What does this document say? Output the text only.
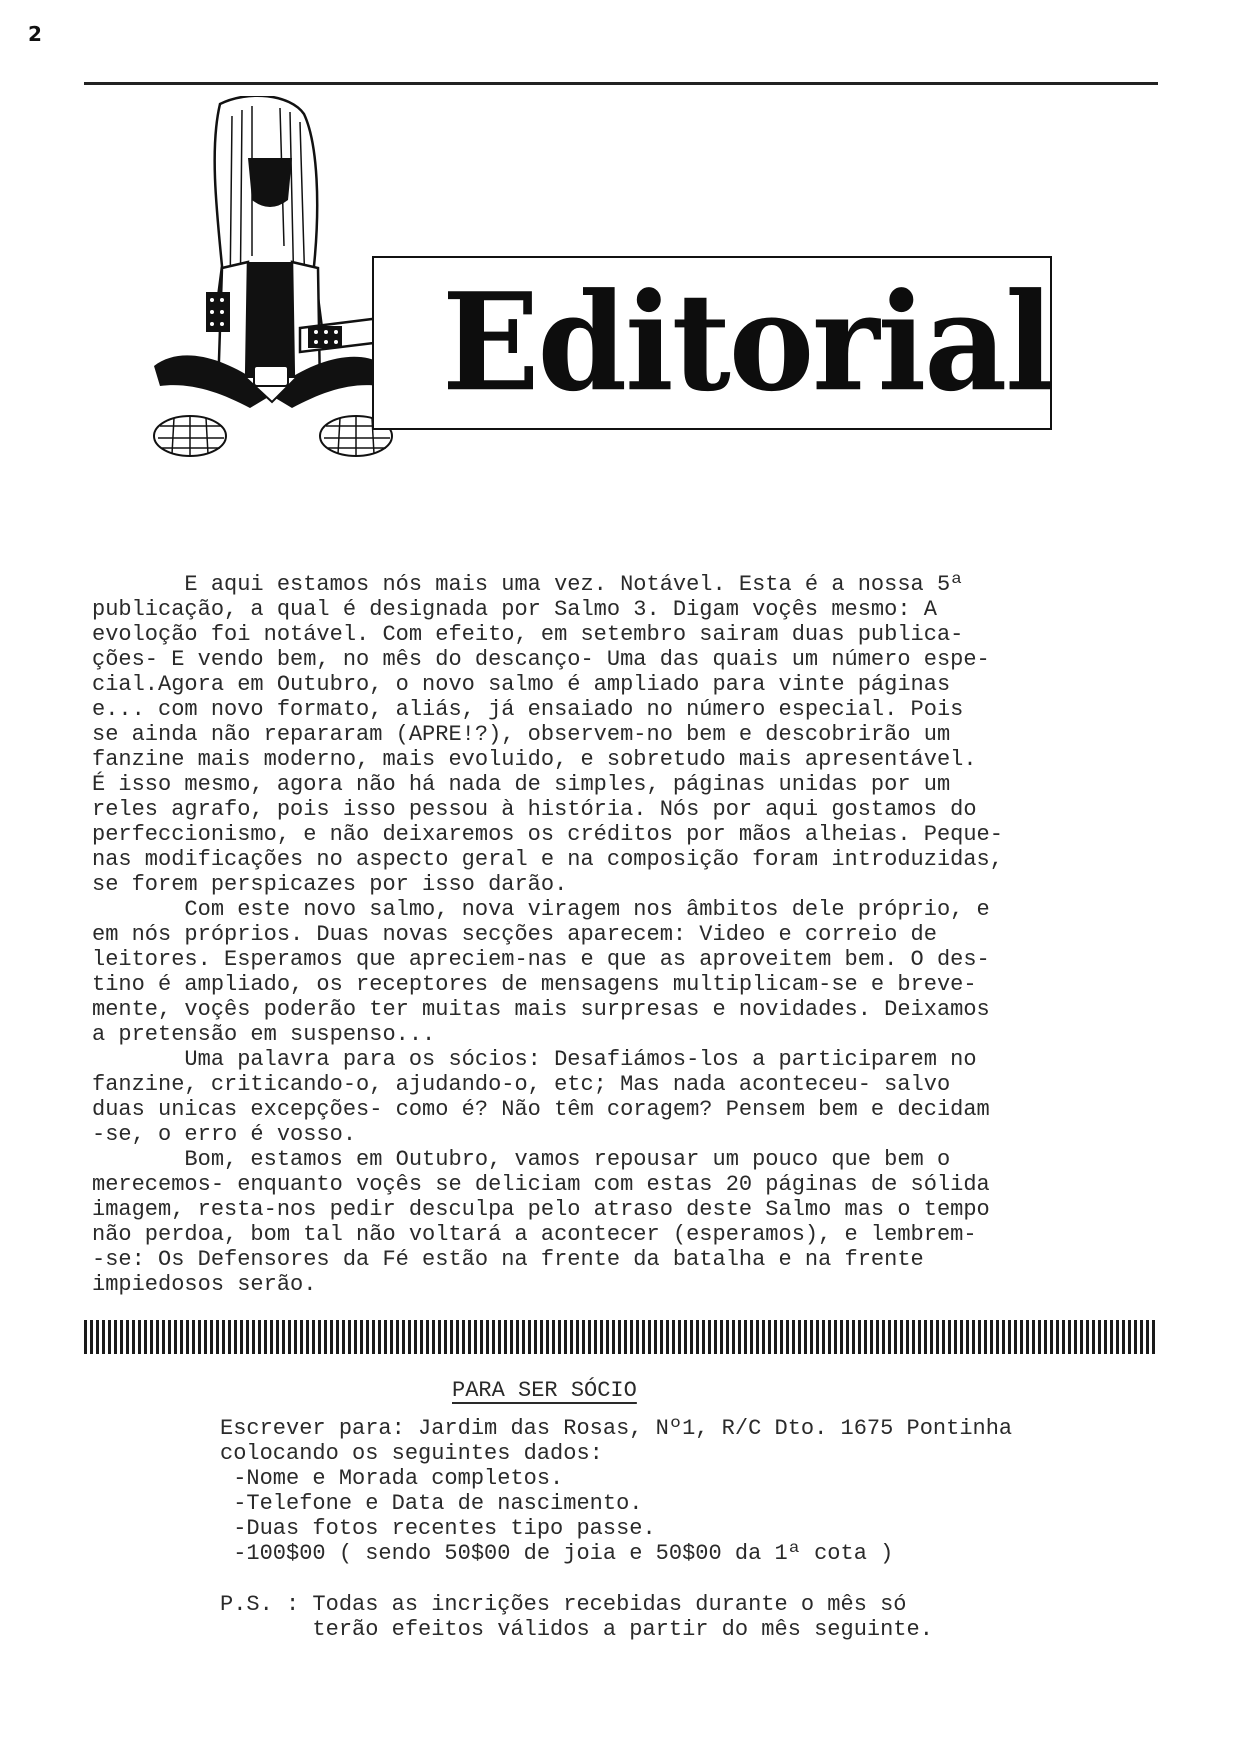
2
Editorial
E aqui estamos nós mais uma vez. Notável. Esta é a nossa 5ª
publicação, a qual é designada por Salmo 3. Digam voçês mesmo: A
evoloção foi notável. Com efeito, em setembro sairam duas publica-
ções- E vendo bem, no mês do descanço- Uma das quais um número espe-
cial.Agora em Outubro, o novo salmo é ampliado para vinte páginas
e... com novo formato, aliás, já ensaiado no número especial. Pois
se ainda não repararam (APRE!?), observem-no bem e descobrirão um
fanzine mais moderno, mais evoluido, e sobretudo mais apresentável.
É isso mesmo, agora não há nada de simples, páginas unidas por um
reles agrafo, pois isso pessou à história. Nós por aqui gostamos do
perfeccionismo, e não deixaremos os créditos por mãos alheias. Peque-
nas modificações no aspecto geral e na composição foram introduzidas,
se forem perspicazes por isso darão.
Com este novo salmo, nova viragem nos âmbitos dele próprio, e
em nós próprios. Duas novas secções aparecem: Video e correio de
leitores. Esperamos que apreciem-nas e que as aproveitem bem. O des-
tino é ampliado, os receptores de mensagens multiplicam-se e breve-
mente, voçês poderão ter muitas mais surpresas e novidades. Deixamos
a pretensão em suspenso...
Uma palavra para os sócios: Desafiámos-los a participarem no
fanzine, criticando-o, ajudando-o, etc; Mas nada aconteceu- salvo
duas unicas excepções- como é? Não têm coragem? Pensem bem e decidam
-se, o erro é vosso.
Bom, estamos em Outubro, vamos repousar um pouco que bem o
merecemos- enquanto voçês se deliciam com estas 20 páginas de sólida
imagem, resta-nos pedir desculpa pelo atraso deste Salmo mas o tempo
não perdoa, bom tal não voltará a acontecer (esperamos), e lembrem-
-se: Os Defensores da Fé estão na frente da batalha e na frente
impiedosos serão.
PARA SER SÓCIO
Escrever para: Jardim das Rosas, Nº1, R/C Dto. 1675 Pontinha
colocando os seguintes dados:
-Nome e Morada completos.
-Telefone e Data de nascimento.
-Duas fotos recentes tipo passe.
-100$00 ( sendo 50$00 de joia e 50$00 da 1ª cota )
P.S. : Todas as incrições recebidas durante o mês só
terão efeitos válidos a partir do mês seguinte.
